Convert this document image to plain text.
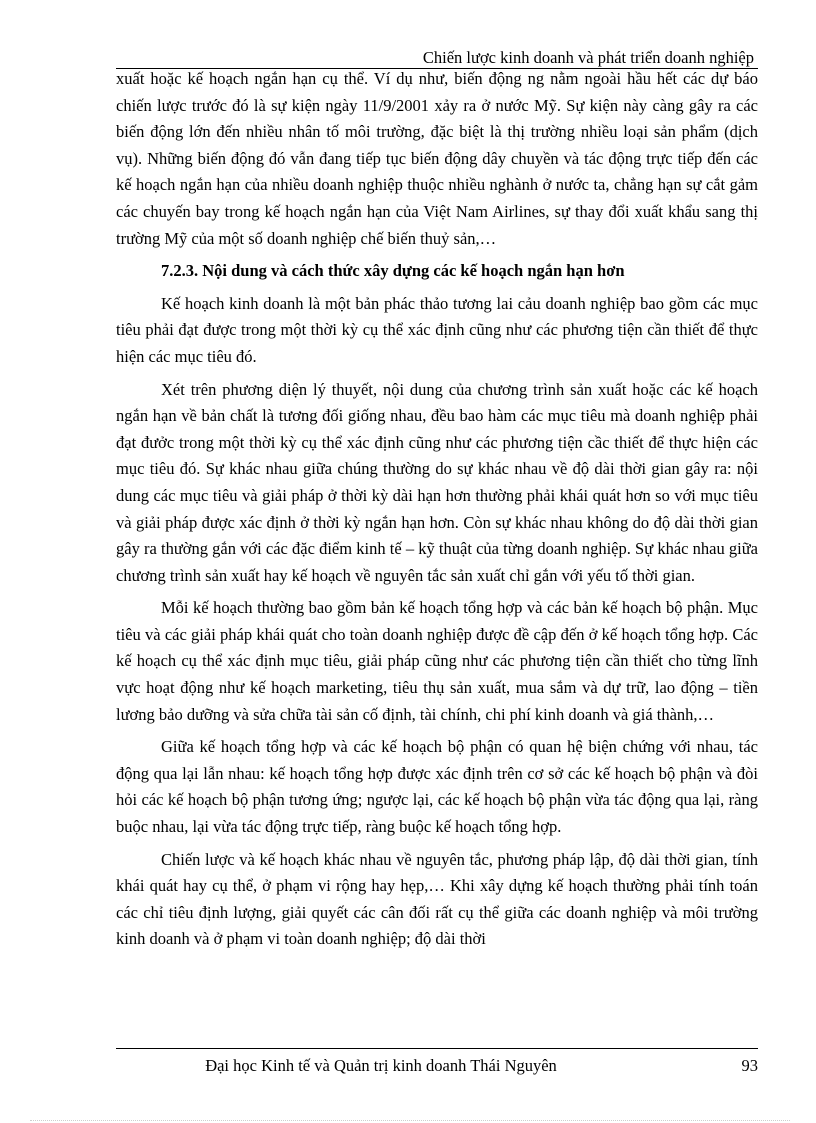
Chiến lược kinh doanh và phát triển doanh nghiệp

xuất hoặc kế hoạch ngắn hạn cụ thể. Ví dụ như, biến động ng nằm ngoài hầu hết các dự báo chiến lược trước đó là sự kiện ngày 11/9/2001 xảy ra ở nước Mỹ. Sự kiện này càng gây ra các biến động lớn đến nhiều nhân tố môi trường, đặc biệt là thị trường nhiều loại sản phẩm (dịch vụ). Những biến động đó vẫn đang tiếp tục biến động dây chuyền và tác động trực tiếp đến các kế hoạch ngắn hạn của nhiều doanh nghiệp thuộc nhiều nghành ở nước ta, chẳng hạn sự cắt gảm các chuyến bay trong kế hoạch ngắn hạn của Việt Nam Airlines, sự thay đổi xuất khẩu sang thị trường Mỹ của một số doanh nghiệp chế biến thuỷ sản,…

7.2.3. Nội dung và cách thức xây dựng các kế hoạch ngắn hạn hơn

Kế hoạch kinh doanh là một bản phác thảo tương lai cảu doanh nghiệp bao gồm các mục tiêu phải đạt được trong một thời kỳ cụ thể xác định cũng như các phương tiện cần thiết để thực hiện các mục tiêu đó.

Xét trên phương diện lý thuyết, nội dung của chương trình sản xuất hoặc các kế hoạch ngắn hạn về bản chất là tương đối giống nhau, đều bao hàm các mục tiêu mà doanh nghiệp phải đạt đưởc trong một thời kỳ cụ thể xác định cũng như các phương tiện cầc thiết để thực hiện các mục tiêu đó. Sự khác nhau giữa chúng thường do sự khác nhau về độ dài thời gian gây ra: nội dung các mục tiêu và giải pháp ở thời kỳ dài hạn hơn thường phải khái quát hơn so với mục tiêu và giải pháp được xác định ở thời kỳ ngắn hạn hơn. Còn sự khác nhau không do độ dài thời gian gây ra thường gắn với các đặc điểm kinh tế – kỹ thuật của từng doanh nghiệp. Sự khác nhau giữa chương trình sản xuất hay kế hoạch về nguyên tắc sản xuất chỉ gắn với yếu tố thời gian.

Mỗi kế hoạch thường bao gồm bản kế hoạch tổng hợp và các bản kế hoạch bộ phận. Mục tiêu và các giải pháp khái quát cho toàn doanh nghiệp được đề cập đến ở kế hoạch tổng hợp. Các kế hoạch cụ thể xác định mục tiêu, giải pháp cũng như các phương tiện cần thiết cho từng lĩnh vực hoạt động như kế hoạch marketing, tiêu thụ sản xuất, mua sắm và dự trữ, lao động – tiền lương bảo dưỡng và sửa chữa tài sản cố định, tài chính, chi phí kinh doanh và giá thành,…

Giữa kế hoạch tổng hợp và các kế hoạch bộ phận có quan hệ biện chứng với nhau, tác động qua lại lẫn nhau: kế hoạch tổng hợp được xác định trên cơ sở các kế hoạch bộ phận và đòi hỏi các kế hoạch bộ phận tương ứng; ngược lại, các kế hoạch bộ phận vừa tác động qua lại, ràng buộc nhau, lại vừa tác động trực tiếp, ràng buộc kế hoạch tổng hợp.

Chiến lược và kế hoạch khác nhau về nguyên tắc, phương pháp lập, độ dài thời gian, tính khái quát hay cụ thể, ở phạm vi rộng hay hẹp,… Khi xây dựng kế hoạch thường phải tính toán các chỉ tiêu định lượng, giải quyết các cân đối rất cụ thể giữa các doanh nghiệp và môi trường kinh doanh và ở phạm vi toàn doanh nghiệp; độ dài thời

Đại học Kinh tế và Quản trị kinh doanh Thái Nguyên	93
